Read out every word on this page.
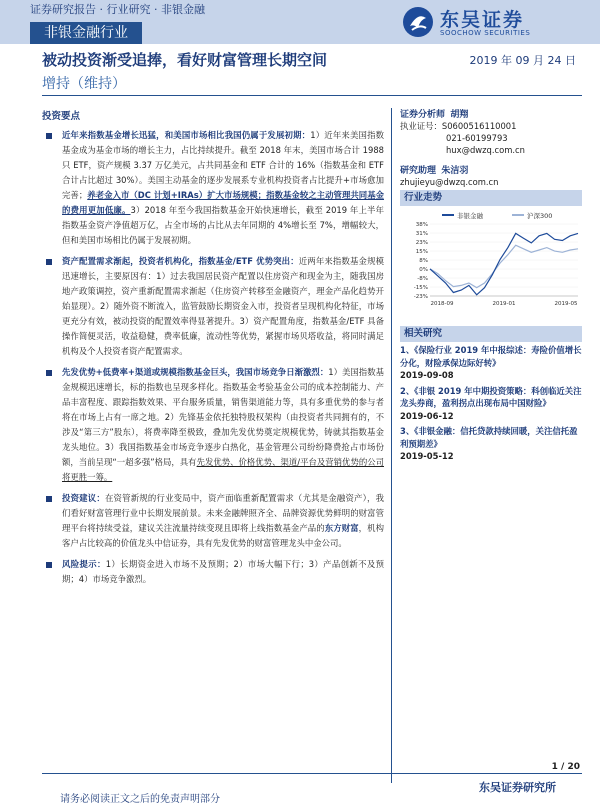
证券研究报告 · 行业研究 · 非银金融
非银金融行业
东吴证券
SOOCHOW SECURITIES
被动投资渐受追捧，看好财富管理长期空间	2019 年 09 月 24 日
增持（维持）
投资要点

近年来指数基金增长迅猛，和美国市场相比我国仍属于发展初期：1）近年来美国指数基金成为基金市场的增长主力，占比持续提升。截至 2018 年末，美国市场合计 1988 只 ETF，资产规模 3.37 万亿美元，占共同基金和 ETF 合计的 16%（指数基金和 ETF 合计占比超过 30%）。美国主动基金的逐步发展系专业机构投资者占比提升+市场愈加完善；养老金入市（DC 计划+IRAs）扩大市场规模；指数基金较之主动管理共同基金的费用更加低廉。3）2018 年至今我国指数基金开始快速增长，截至 2019 年上半年指数基金资产净值超万亿，占全市场的占比从去年同期的 4%增长至 7%，增幅较大，但和美国市场相比仍属于发展初期。

资产配置需求渐起，投资者机构化，指数基金/ETF 优势突出：近两年来指数基金规模迅速增长，主要原因有：1）过去我国居民资产配置以住房资产和现金为主，随我国房地产政策调控，资产重新配置需求渐起（住房资产转移至金融资产，理金产品化趋势开始显现）。2）随外资不断流入，监管鼓励长期资金入市，投资者呈现机构化特征，市场更充分有效，被动投资的配置效率得显著提升。3）资产配置角度，指数基金/ETF 具备操作简便灵活，收益稳健，费率低廉，流动性等优势，紧握市场贝塔收益，将同时满足机构及个人投资者资产配置需求。

先发优势+低费率+渠道或规模指数基金巨头，我国市场竞争日渐激烈：1）美国指数基金规模迅速增长，标的指数也呈现多样化。指数基金考验基金公司的成本控制能力、产品丰富程度、跟踪指数效果、平台服务质量，销售渠道能力等，具有多重优势的参与者将在市场上占有一席之地。2）先锋基金依托独特股权架构（由投资者共同拥有的，不涉及“第三方”股东），将费率降至极致，叠加先发优势奠定规模优势，铸就其指数基金龙头地位。3）我国指数基金市场竞争逐步白热化，基金管理公司纷纷降费抢占市场份额，当前呈现“一超多强”格局，具有先发优势、价格优势、渠道/平台及营销优势的公司将更胜一筹。

投资建议：在资管新规的行业变局中，资产面临重新配置需求（尤其是金融资产），我们看好财富管理行业中长期发展前景。未来金融牌照齐全、品牌资源优势鲜明的财富管理平台将持续受益，建议关注流量持续变现且即将上线指数基金产品的东方财富，机构客户占比较高的价值龙头中信证券，具有先发优势的财富管理龙头中金公司。

风险提示：1）长期资金进入市场不及预期；2）市场大幅下行；3）产品创新不及预期；4）市场竞争激烈。

证券分析师 胡翔
执业证号：S0600516110001
021-60199793
hux@dwzq.com.cn
研究助理 朱洁羽
zhujieyu@dwzq.com.cn
行业走势
非银金融	沪深300
-23%
-15%
-8%
0%
8%
15%
23%
31%
38%
2018-09	2019-01	2019-05
相关研究
1、《保险行业 2019 年中报综述：寿险价值增长分化，财险承保边际好转》
2019-09-08
2、《非银 2019 年中期投资策略：科创临近关注龙头券商，盈利拐点出现布局中国财险》
2019-06-12
3、《非银金融：信托贷款持续回暖，关注信托盈利预期差》
2019-05-12
1 / 20
东吴证券研究所
请务必阅读正文之后的免责声明部分
